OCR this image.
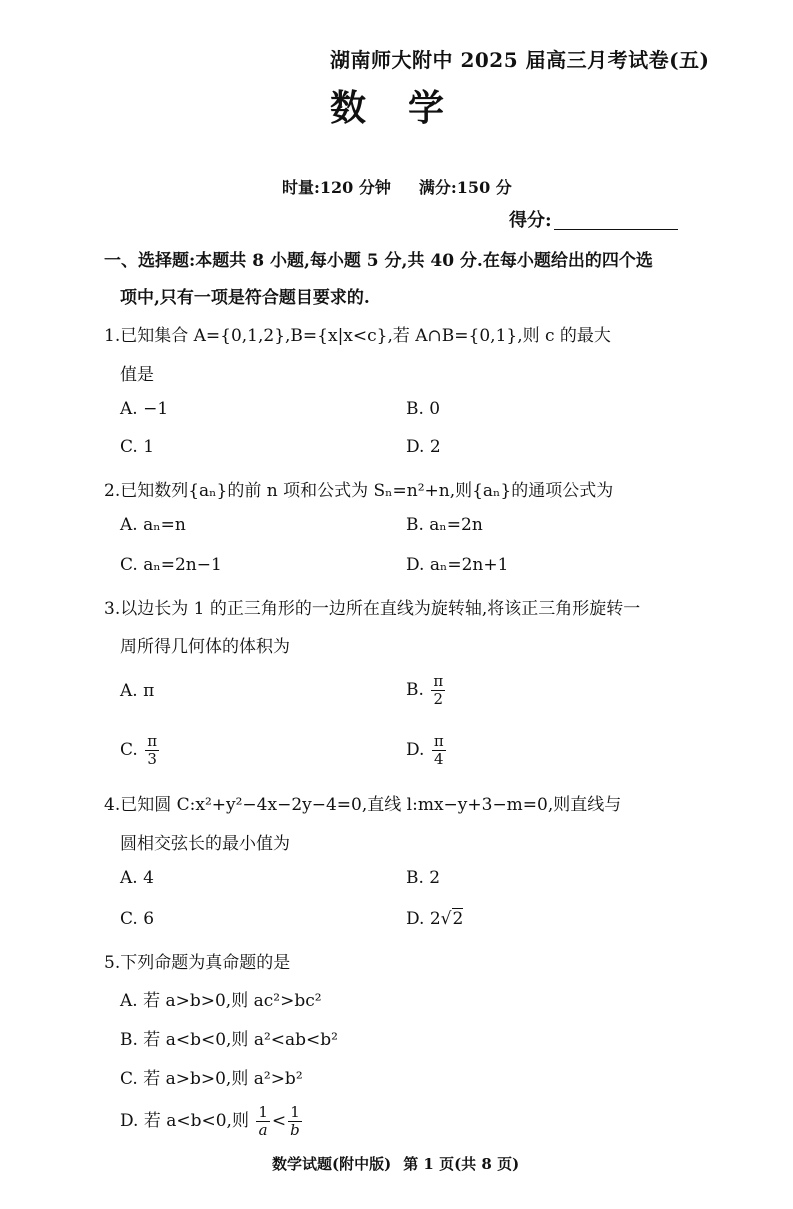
湖南师大附中 2025 届高三月考试卷(五)
数学
时量:120 分钟 满分:150 分
得分:
一、选择题:本题共 8 小题,每小题 5 分,共 40 分.在每小题给出的四个选
项中,只有一项是符合题目要求的.
1.已知集合 A={0,1,2},B={x|x<c},若 A∩B={0,1},则 c 的最大
值是
A. −1	B. 0
C. 1	D. 2
2.已知数列{aₙ}的前 n 项和公式为 Sₙ=n²+n,则{aₙ}的通项公式为
A. aₙ=n	B. aₙ=2n
C. aₙ=2n−1	D. aₙ=2n+1
3.以边长为 1 的正三角形的一边所在直线为旋转轴,将该正三角形旋转一
周所得几何体的体积为
A. π	B. $\frac{\pi}{2}$
C. $\frac{\pi}{3}$	D. $\frac{\pi}{4}$
4.已知圆 C:x²+y²−4x−2y−4=0,直线 l:mx−y+3−m=0,则直线与
圆相交弦长的最小值为
A. 4	B. 2
C. 6	D. 2√2
5.下列命题为真命题的是
A. 若 a>b>0,则 ac²>bc²
B. 若 a<b<0,则 a²<ab<b²
C. 若 a>b>0,则 a²>b²
D. 若 a<b<0,则 $\frac{1}{a} < \frac{1}{b}$
数学试题(附中版) 第 1 页(共 8 页)
